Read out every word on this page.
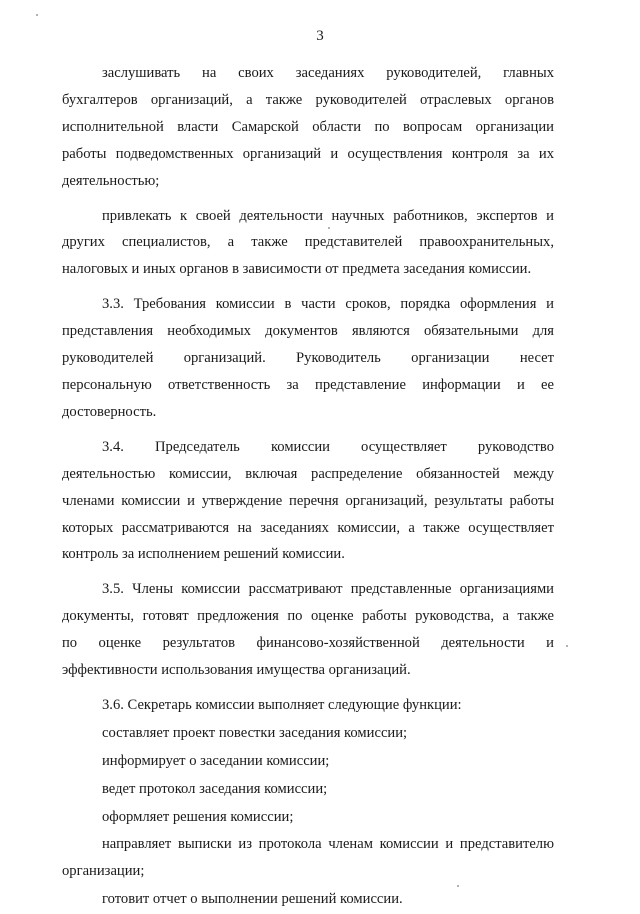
3

заслушивать на своих заседаниях руководителей, главных
бухгалтеров организаций, а также руководителей отраслевых органов
исполнительной власти Самарской области по вопросам организации
работы подведомственных организаций и осуществления контроля за их
деятельностью;

привлекать к своей деятельности научных работников, экспертов и
других специалистов, а также представителей правоохранительных,
налоговых и иных органов в зависимости от предмета заседания комиссии.

3.3. Требования комиссии в части сроков, порядка оформления и
представления необходимых документов являются обязательными для
руководителей организаций. Руководитель организации несет
персональную ответственность за представление информации и ее
достоверность.

3.4. Председатель комиссии осуществляет руководство
деятельностью комиссии, включая распределение обязанностей между
членами комиссии и утверждение перечня организаций, результаты работы
которых рассматриваются на заседаниях комиссии, а также осуществляет
контроль за исполнением решений комиссии.

3.5. Члены комиссии рассматривают представленные организациями
документы, готовят предложения по оценке работы руководства, а также
по оценке результатов финансово-хозяйственной деятельности и
эффективности использования имущества организаций.

3.6. Секретарь комиссии выполняет следующие функции:

составляет проект повестки заседания комиссии;

информирует о заседании комиссии;

ведет протокол заседания комиссии;

оформляет решения комиссии;

направляет выписки из протокола членам комиссии и представителю
организации;

готовит отчет о выполнении решений комиссии.
